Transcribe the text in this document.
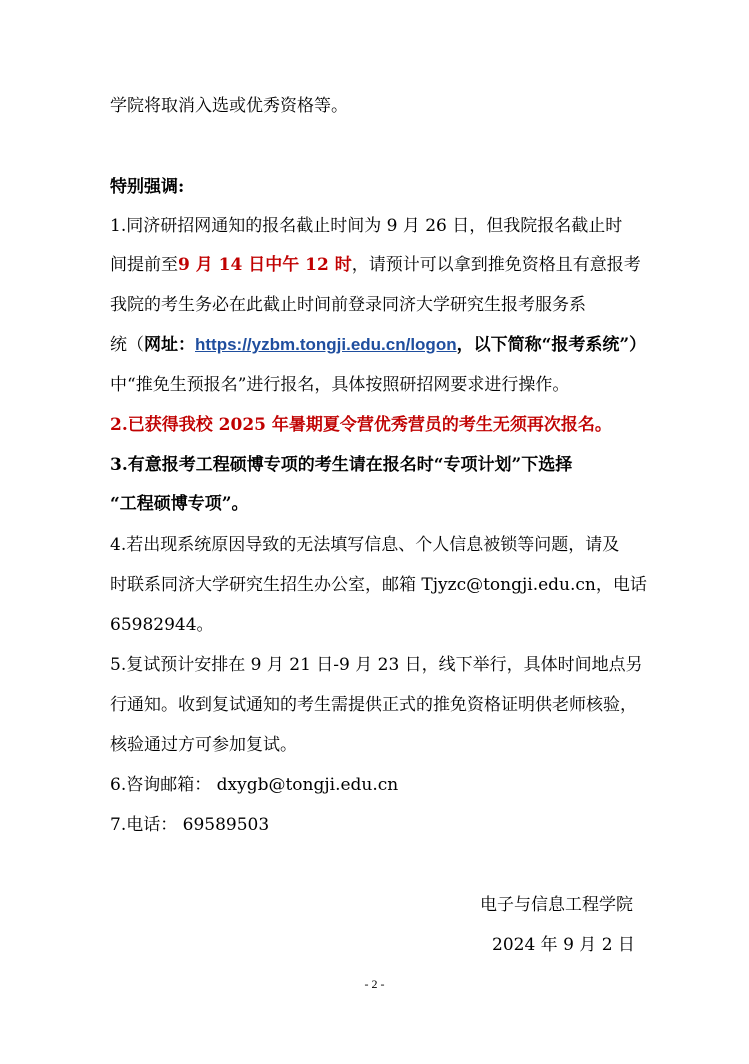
学院将取消入选或优秀资格等。
特别强调:
1.同济研招网通知的报名截止时间为 9 月 26 日，但我院报名截止时
间提前至9 月 14 日中午 12 时，请预计可以拿到推免资格且有意报考
我院的考生务必在此截止时间前登录同济大学研究生报考服务系
统（网址：https://yzbm.tongji.edu.cn/logon，以下简称“报考系统”）
中“推免生预报名”进行报名，具体按照研招网要求进行操作。
2.已获得我校 2025 年暑期夏令营优秀营员的考生无须再次报名。
3.有意报考工程硕博专项的考生请在报名时“专项计划”下选择
“工程硕博专项”。
4.若出现系统原因导致的无法填写信息、个人信息被锁等问题，请及
时联系同济大学研究生招生办公室，邮箱 Tjyzc@tongji.edu.cn，电话
65982944。
5.复试预计安排在 9 月 21 日-9 月 23 日，线下举行，具体时间地点另
行通知。收到复试通知的考生需提供正式的推免资格证明供老师核验，
核验通过方可参加复试。
6.咨询邮箱： dxygb@tongji.edu.cn
7.电话： 69589503
电子与信息工程学院
2024 年 9 月 2 日
- 2 -
